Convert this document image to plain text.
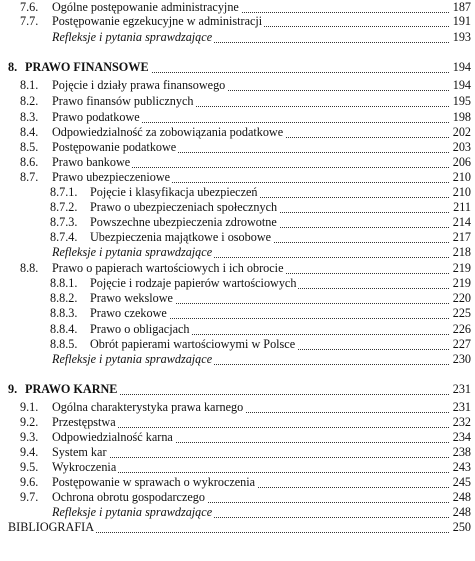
7.6. Ogólne postępowanie administracyjne	187
7.7. Postępowanie egzekucyjne w administracji	191
Refleksje i pytania sprawdzające	193
8. PRAWO FINANSOWE	194
8.1. Pojęcie i działy prawa finansowego	194
8.2. Prawo finansów publicznych	195
8.3. Prawo podatkowe	198
8.4. Odpowiedzialność za zobowiązania podatkowe	202
8.5. Postępowanie podatkowe	203
8.6. Prawo bankowe	206
8.7. Prawo ubezpieczeniowe	210
8.7.1. Pojęcie i klasyfikacja ubezpieczeń	210
8.7.2. Prawo o ubezpieczeniach społecznych	211
8.7.3. Powszechne ubezpieczenia zdrowotne	214
8.7.4. Ubezpieczenia majątkowe i osobowe	217
Refleksje i pytania sprawdzające	218
8.8. Prawo o papierach wartościowych i ich obrocie	219
8.8.1. Pojęcie i rodzaje papierów wartościowych	219
8.8.2. Prawo wekslowe	220
8.8.3. Prawo czekowe	225
8.8.4. Prawo o obligacjach	226
8.8.5. Obrót papierami wartościowymi w Polsce	227
Refleksje i pytania sprawdzające	230
9. PRAWO KARNE	231
9.1. Ogólna charakterystyka prawa karnego	231
9.2. Przestępstwa	232
9.3. Odpowiedzialność karna	234
9.4. System kar	238
9.5. Wykroczenia	243
9.6. Postępowanie w sprawach o wykroczenia	245
9.7. Ochrona obrotu gospodarczego	248
Refleksje i pytania sprawdzające	248
BIBLIOGRAFIA	250
